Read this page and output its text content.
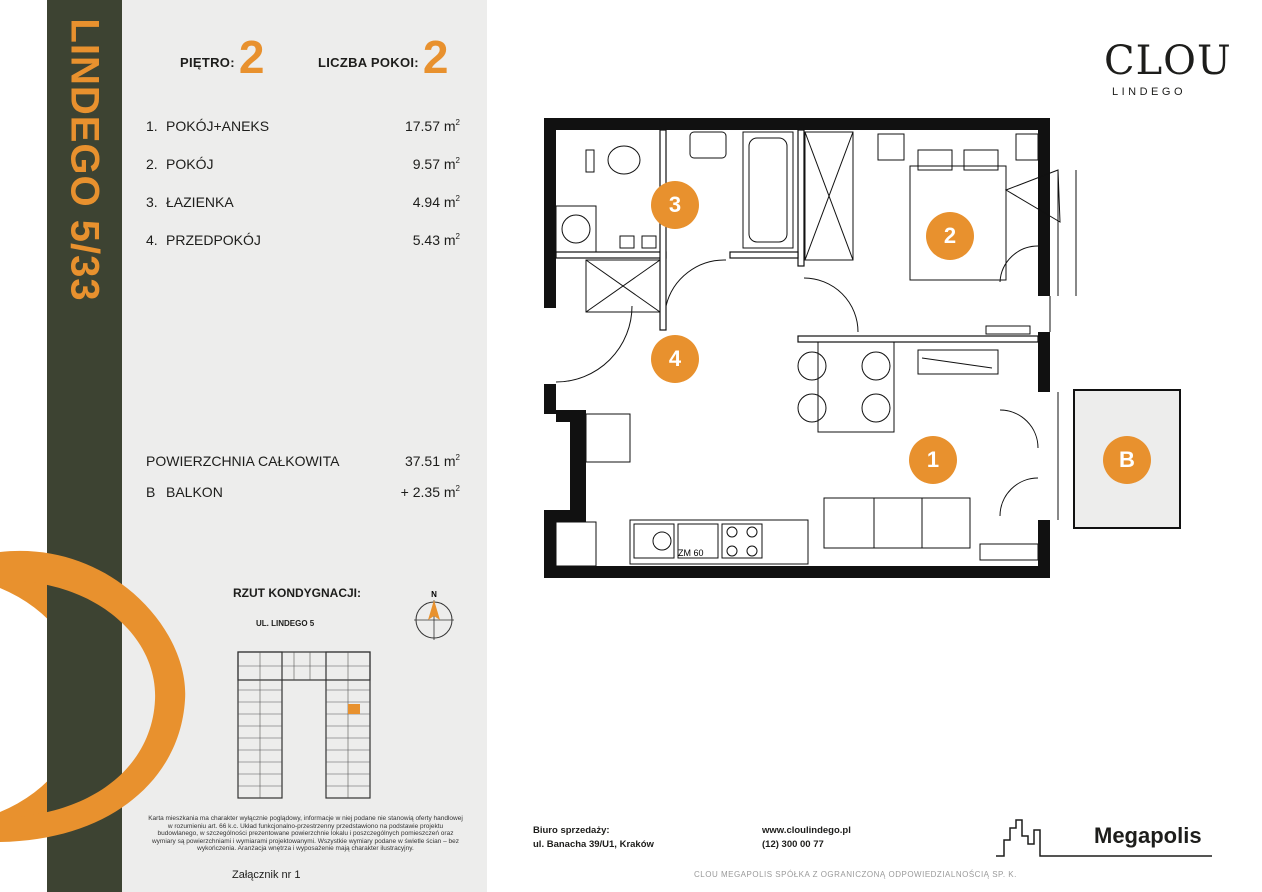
LINDEGO 5/33	PIĘTRO:2	LICZBA POKOI:2
1. POKÓJ+ANEKS	17.57 $m^2$
2. POKÓJ	9.57 $m^2$
3. ŁAZIENKA	4.94 $m^2$
4. PRZEDPOKÓJ	5.43 $m^2$
POWIERZCHNIA CAŁKOWITA	37.51 $m^2$
B BALKON	+ 2.35 $m^2$
RZUT KONDYGNACJI:
UL. LINDEGO 5
N
Karta mieszkania ma charakter wyłącznie poglądowy, informacje w niej podane nie stanowią oferty handlowej w rozumieniu art. 66 k.c. Układ funkcjonalno-przestrzenny przedstawiono na podstawie projektu budowlanego, w szczególności prezentowane powierzchnie lokalu i poszczególnych pomieszczeń oraz wymiary są powierzchniami i wymiarami projektowanymi. Wszystkie wymiary podane w świetle ścian – bez wykończenia. Aranżacja wnętrza i wyposażenie mają charakter ilustracyjny.
Załącznik nr 1
CLOU
LINDEGO
ZM 60
1
2
3
4
B
Biuro sprzedaży:
ul. Banacha 39/U1, Kraków
www.cloulindego.pl
(12) 300 00 77	Megapolis
CLOU MEGAPOLIS SPÓŁKA Z OGRANICZONĄ ODPOWIEDZIALNOŚCIĄ SP. K.
